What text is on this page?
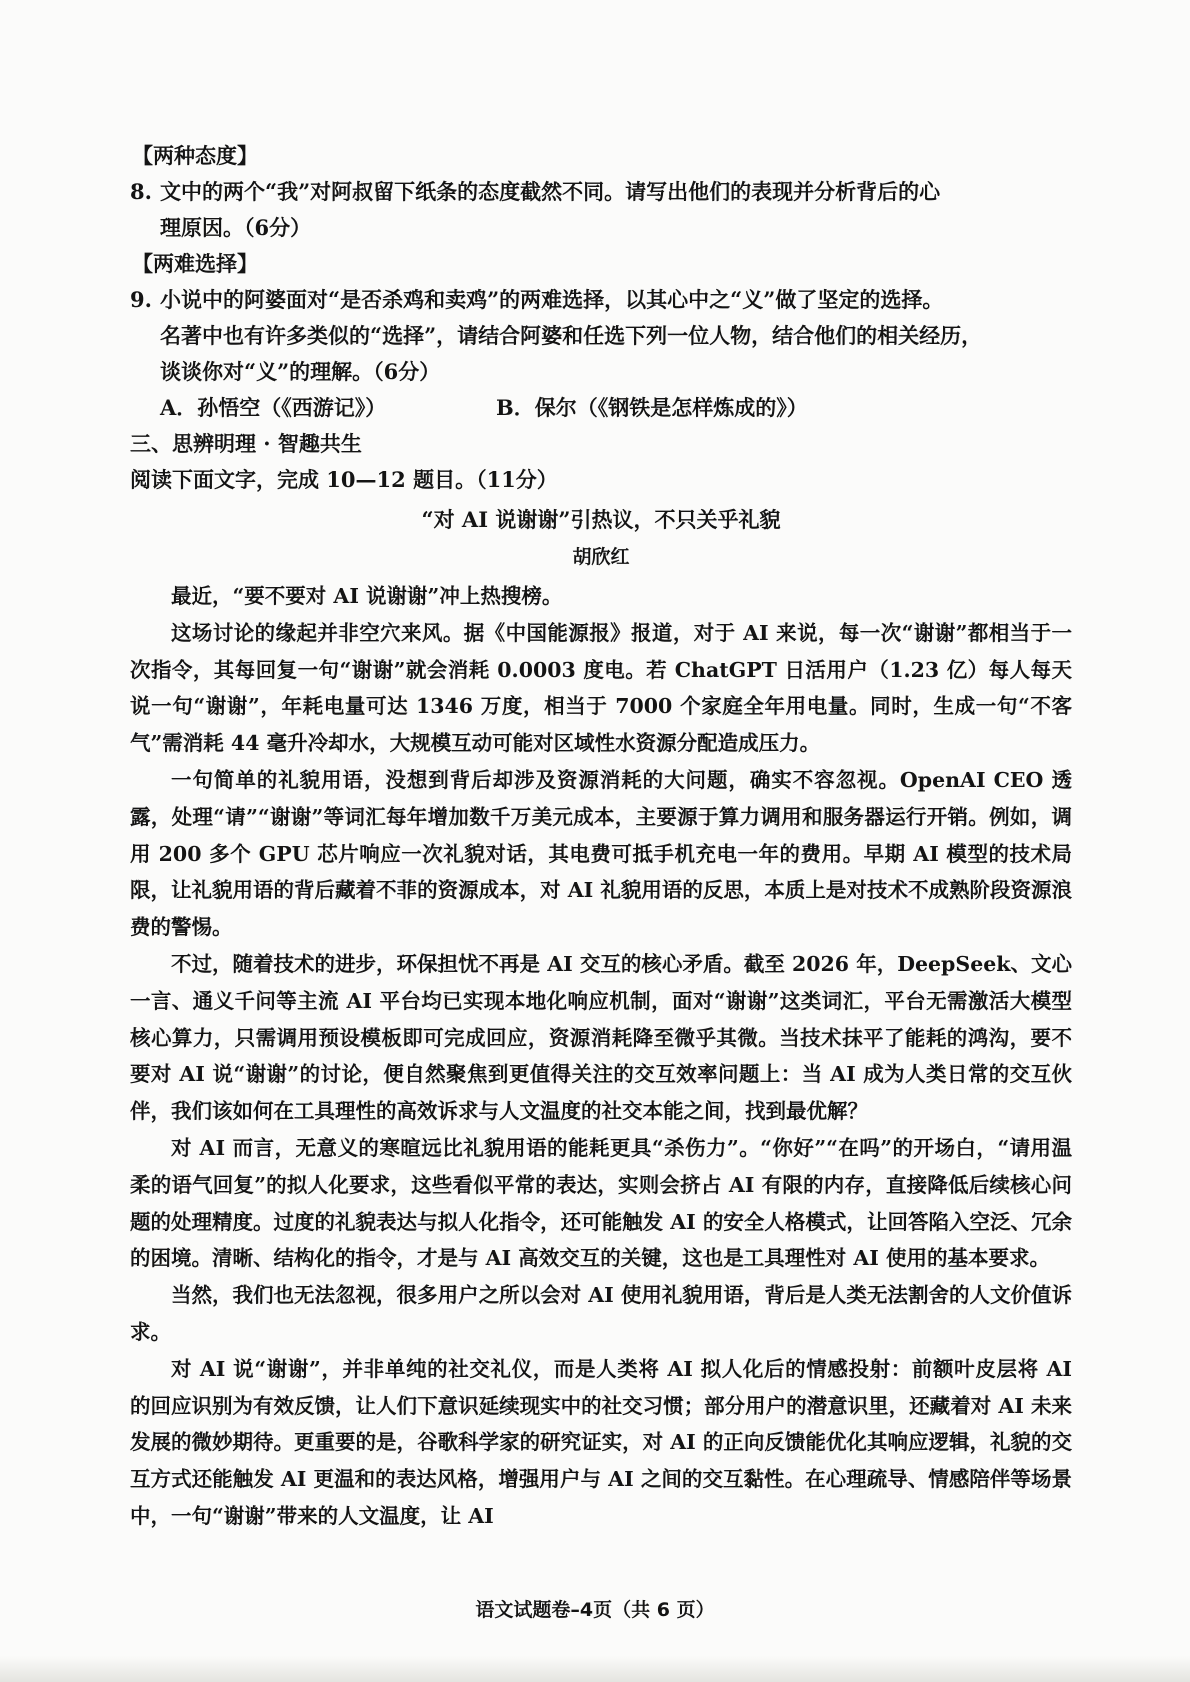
【两种态度】
8. 文中的两个“我”对阿叔留下纸条的态度截然不同。请写出他们的表现并分析背后的心
理原因。（6分）
【两难选择】
9. 小说中的阿婆面对“是否杀鸡和卖鸡”的两难选择，以其心中之“义”做了坚定的选择。
名著中也有许多类似的“选择”，请结合阿婆和任选下列一位人物，结合他们的相关经历，
谈谈你对“义”的理解。（6分）
A．孙悟空（《西游记》）	B．保尔（《钢铁是怎样炼成的》）
三、思辨明理 · 智趣共生
阅读下面文字，完成 10—12 题目。（11分）
“对 AI 说谢谢”引热议，不只关乎礼貌
胡欣红

最近，“要不要对 AI 说谢谢”冲上热搜榜。

这场讨论的缘起并非空穴来风。据《中国能源报》报道，对于 AI 来说，每一次“谢谢”都相当于一次指令，其每回复一句“谢谢”就会消耗 0.0003 度电。若 ChatGPT 日活用户（1.23 亿）每人每天说一句“谢谢”，年耗电量可达 1346 万度，相当于 7000 个家庭全年用电量。同时，生成一句“不客气”需消耗 44 毫升冷却水，大规模互动可能对区域性水资源分配造成压力。

一句简单的礼貌用语，没想到背后却涉及资源消耗的大问题，确实不容忽视。OpenAI CEO 透露，处理“请”“谢谢”等词汇每年增加数千万美元成本，主要源于算力调用和服务器运行开销。例如，调用 200 多个 GPU 芯片响应一次礼貌对话，其电费可抵手机充电一年的费用。早期 AI 模型的技术局限，让礼貌用语的背后藏着不菲的资源成本，对 AI 礼貌用语的反思，本质上是对技术不成熟阶段资源浪费的警惕。

不过，随着技术的进步，环保担忧不再是 AI 交互的核心矛盾。截至 2026 年，DeepSeek、文心一言、通义千问等主流 AI 平台均已实现本地化响应机制，面对“谢谢”这类词汇，平台无需激活大模型核心算力，只需调用预设模板即可完成回应，资源消耗降至微乎其微。当技术抹平了能耗的鸿沟，要不要对 AI 说“谢谢”的讨论，便自然聚焦到更值得关注的交互效率问题上：当 AI 成为人类日常的交互伙伴，我们该如何在工具理性的高效诉求与人文温度的社交本能之间，找到最优解？

对 AI 而言，无意义的寒暄远比礼貌用语的能耗更具“杀伤力”。“你好”“在吗”的开场白，“请用温柔的语气回复”的拟人化要求，这些看似平常的表达，实则会挤占 AI 有限的内存，直接降低后续核心问题的处理精度。过度的礼貌表达与拟人化指令，还可能触发 AI 的安全人格模式，让回答陷入空泛、冗余的困境。清晰、结构化的指令，才是与 AI 高效交互的关键，这也是工具理性对 AI 使用的基本要求。

当然，我们也无法忽视，很多用户之所以会对 AI 使用礼貌用语，背后是人类无法割舍的人文价值诉求。

对 AI 说“谢谢”，并非单纯的社交礼仪，而是人类将 AI 拟人化后的情感投射：前额叶皮层将 AI 的回应识别为有效反馈，让人们下意识延续现实中的社交习惯；部分用户的潜意识里，还藏着对 AI 未来发展的微妙期待。更重要的是，谷歌科学家的研究证实，对 AI 的正向反馈能优化其响应逻辑，礼貌的交互方式还能触发 AI 更温和的表达风格，增强用户与 AI 之间的交互黏性。在心理疏导、情感陪伴等场景中，一句“谢谢”带来的人文温度，让 AI

语文试题卷–4页（共 6 页）
